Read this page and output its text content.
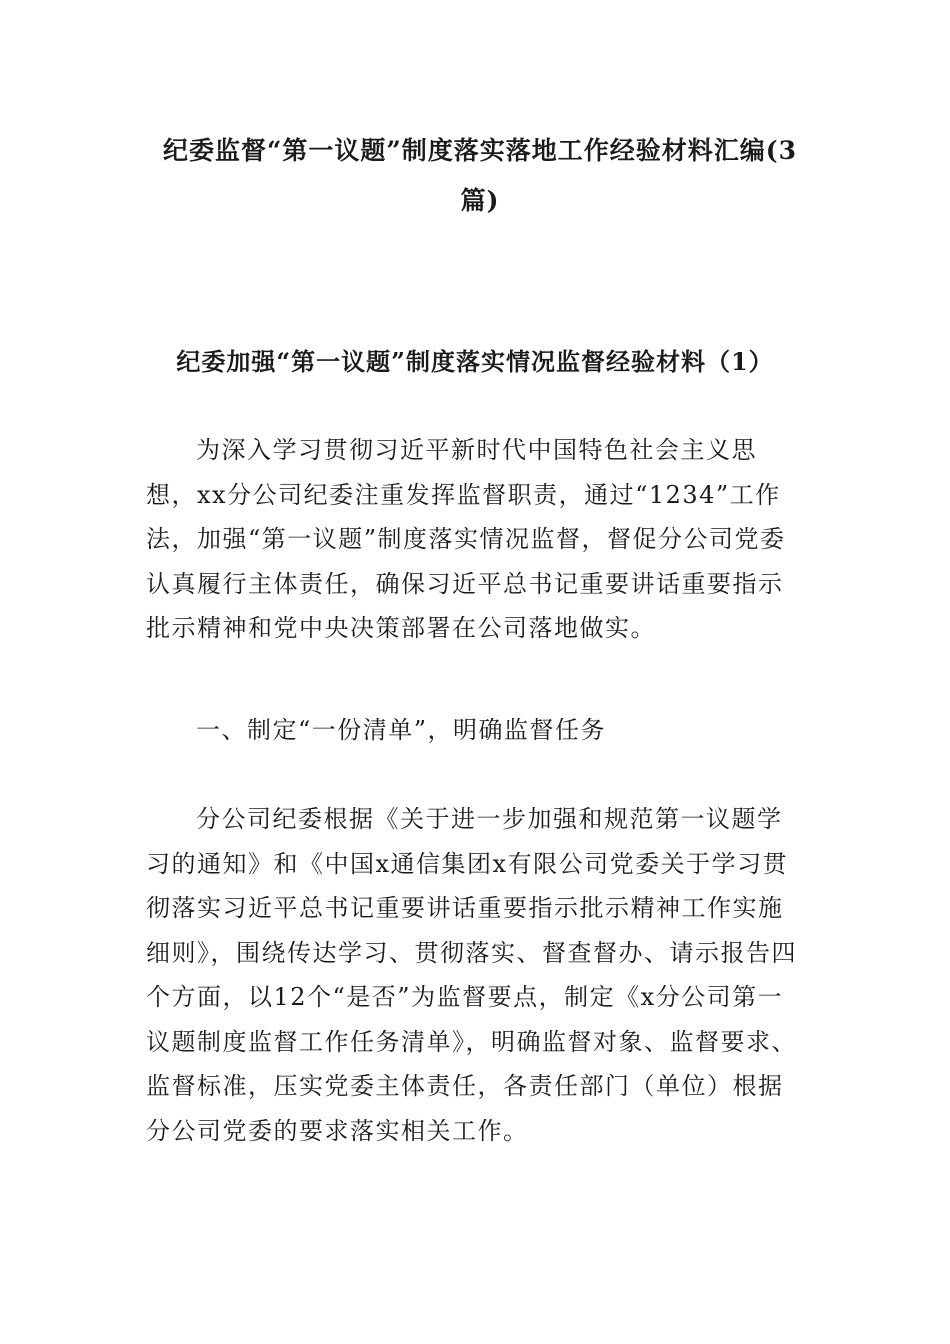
纪委监督“第一议题”制度落实落地工作经验材料汇编(3篇)
纪委加强“第一议题”制度落实情况监督经验材料（1）

为深入学习贯彻习近平新时代中国特色社会主义思想，xx分公司纪委注重发挥监督职责，通过“1234”工作法，加强“第一议题”制度落实情况监督，督促分公司党委认真履行主体责任，确保习近平总书记重要讲话重要指示批示精神和党中央决策部署在公司落地做实。

一、制定“一份清单”，明确监督任务

分公司纪委根据《关于进一步加强和规范第一议题学习的通知》和《中国x通信集团x有限公司党委关于学习贯彻落实习近平总书记重要讲话重要指示批示精神工作实施细则》，围绕传达学习、贯彻落实、督查督办、请示报告四个方面，以12个“是否”为监督要点，制定《x分公司第一议题制度监督工作任务清单》，明确监督对象、监督要求、监督标准，压实党委主体责任，各责任部门（单位）根据分公司党委的要求落实相关工作。
